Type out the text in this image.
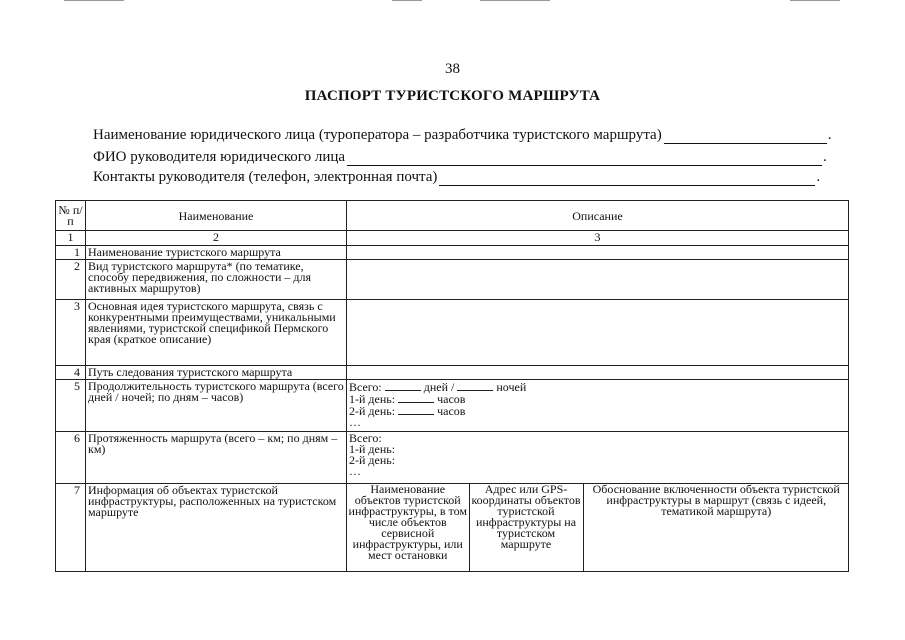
38
ПАСПОРТ ТУРИСТСКОГО МАРШРУТА
Наименование юридического лица (туроператора – разработчика туристского маршрута)	.
ФИО руководителя юридического лица	.
Контакты руководителя (телефон, электронная почта)	.
№ п/п	Наименование	Описание
1	2	3
1	Наименование туристского маршрута	
2	Вид туристского маршрута* (по тематике, способу передвижения, по сложности – для активных маршрутов)	
3	Основная идея туристского маршрута, связь с конкурентными преимуществами, уникальными явлениями, туристской спецификой Пермского края (краткое описание)	
4	Путь следования туристского маршрута	
5	Продолжительность туристского маршрута (всего дней / ночей; по дням – часов)	
Всего:	дней /	ночей
1-й день:	часов
2-й день:	часов
…

6	Протяженность маршрута (всего – км; по дням – км)	
Всего:
1-й день:
2-й день:
…

7	Информация об объектах туристской инфраструктуры, расположенных на туристском маршруте	
Наименование объектов туристской инфраструктуры, в том числе объектов сервисной инфраструктуры, или мест остановки	Адрес или GPS-координаты объектов туристской инфраструктуры на туристском маршруте	Обоснование включенности объекта туристской инфраструктуры в маршрут (связь с идеей, тематикой маршрута)
